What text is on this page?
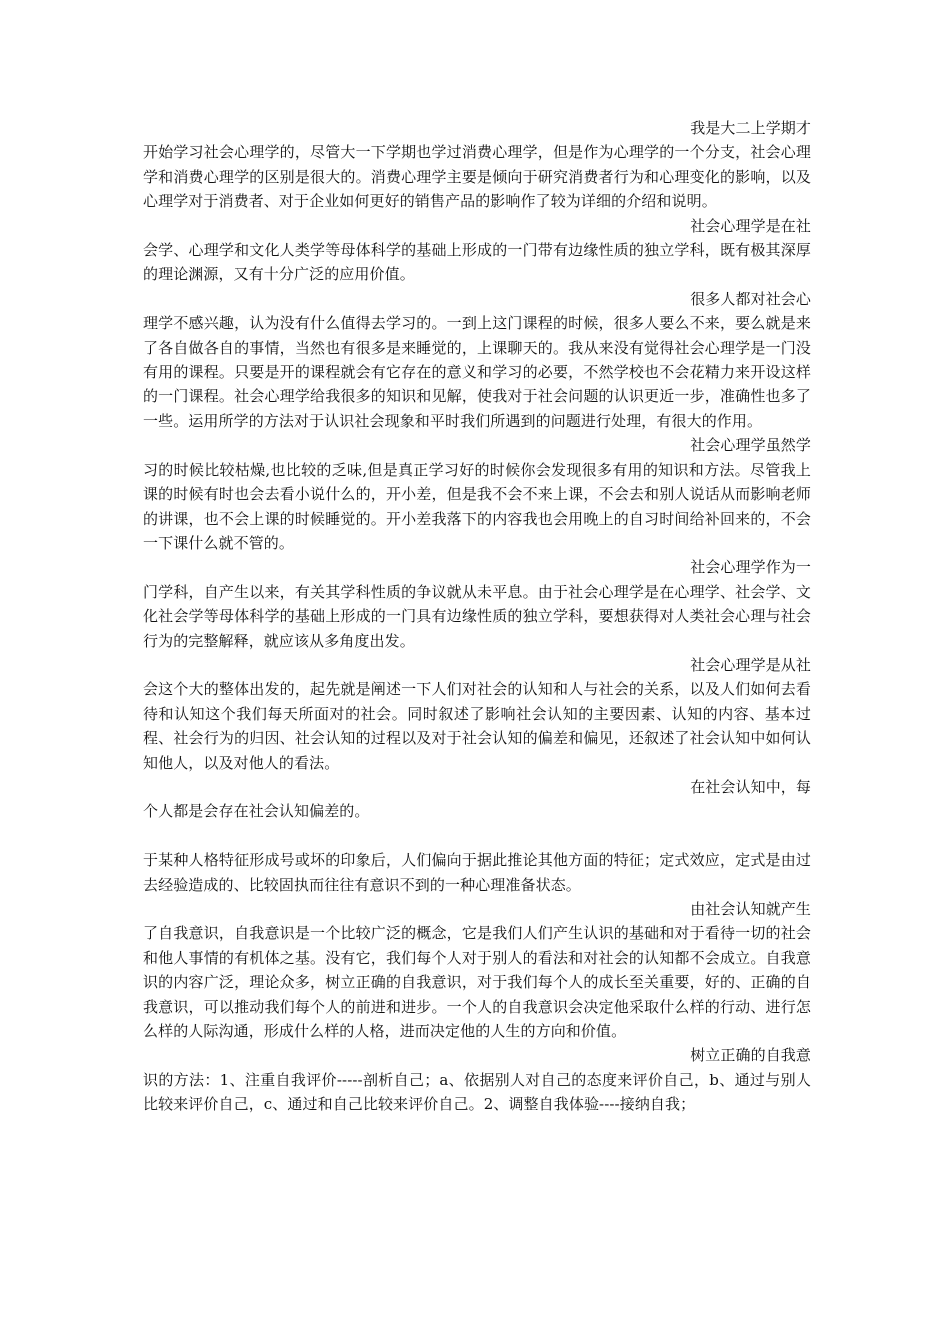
我是大二上学期才
开始学习社会心理学的，尽管大一下学期也学过消费心理学，但是作为心理学的一个分支，社会心理学和消费心理学的区别是很大的。消费心理学主要是倾向于研究消费者行为和心理变化的影响，以及心理学对于消费者、对于企业如何更好的销售产品的影响作了较为详细的介绍和说明。

社会心理学是在社
会学、心理学和文化人类学等母体科学的基础上形成的一门带有边缘性质的独立学科，既有极其深厚的理论渊源，又有十分广泛的应用价值。

很多人都对社会心
理学不感兴趣，认为没有什么值得去学习的。一到上这门课程的时候，很多人要么不来，要么就是来了各自做各自的事情，当然也有很多是来睡觉的，上课聊天的。我从来没有觉得社会心理学是一门没有用的课程。只要是开的课程就会有它存在的意义和学习的必要，不然学校也不会花精力来开设这样的一门课程。社会心理学给我很多的知识和见解，使我对于社会问题的认识更近一步，准确性也多了一些。运用所学的方法对于认识社会现象和平时我们所遇到的问题进行处理，有很大的作用。

社会心理学虽然学
习的时候比较枯燥,也比较的乏味,但是真正学习好的时候你会发现很多有用的知识和方法。尽管我上课的时候有时也会去看小说什么的，开小差，但是我不会不来上课，不会去和别人说话从而影响老师的讲课，也不会上课的时候睡觉的。开小差我落下的内容我也会用晚上的自习时间给补回来的，不会一下课什么就不管的。

社会心理学作为一
门学科，自产生以来，有关其学科性质的争议就从未平息。由于社会心理学是在心理学、社会学、文化社会学等母体科学的基础上形成的一门具有边缘性质的独立学科，要想获得对人类社会心理与社会行为的完整解释，就应该从多角度出发。

社会心理学是从社
会这个大的整体出发的，起先就是阐述一下人们对社会的认知和人与社会的关系，以及人们如何去看待和认知这个我们每天所面对的社会。同时叙述了影响社会认知的主要因素、认知的内容、基本过程、社会行为的归因、社会认知的过程以及对于社会认知的偏差和偏见，还叙述了社会认知中如何认知他人，以及对他人的看法。

在社会认知中，每
个人都是会存在社会认知偏差的。

于某种人格特征形成号或坏的印象后，人们偏向于据此推论其他方面的特征；定式效应，定式是由过去经验造成的、比较固执而往往有意识不到的一种心理准备状态。

由社会认知就产生
了自我意识，自我意识是一个比较广泛的概念，它是我们人们产生认识的基础和对于看待一切的社会和他人事情的有机体之基。没有它，我们每个人对于别人的看法和对社会的认知都不会成立。自我意识的内容广泛，理论众多，树立正确的自我意识，对于我们每个人的成长至关重要，好的、正确的自我意识，可以推动我们每个人的前进和进步。一个人的自我意识会决定他采取什么样的行动、进行怎么样的人际沟通，形成什么样的人格，进而决定他的人生的方向和价值。

树立正确的自我意
识的方法：1、注重自我评价-----剖析自己；a、依据别人对自己的态度来评价自己，b、通过与别人比较来评价自己，c、通过和自己比较来评价自己。2、调整自我体验----接纳自我；
